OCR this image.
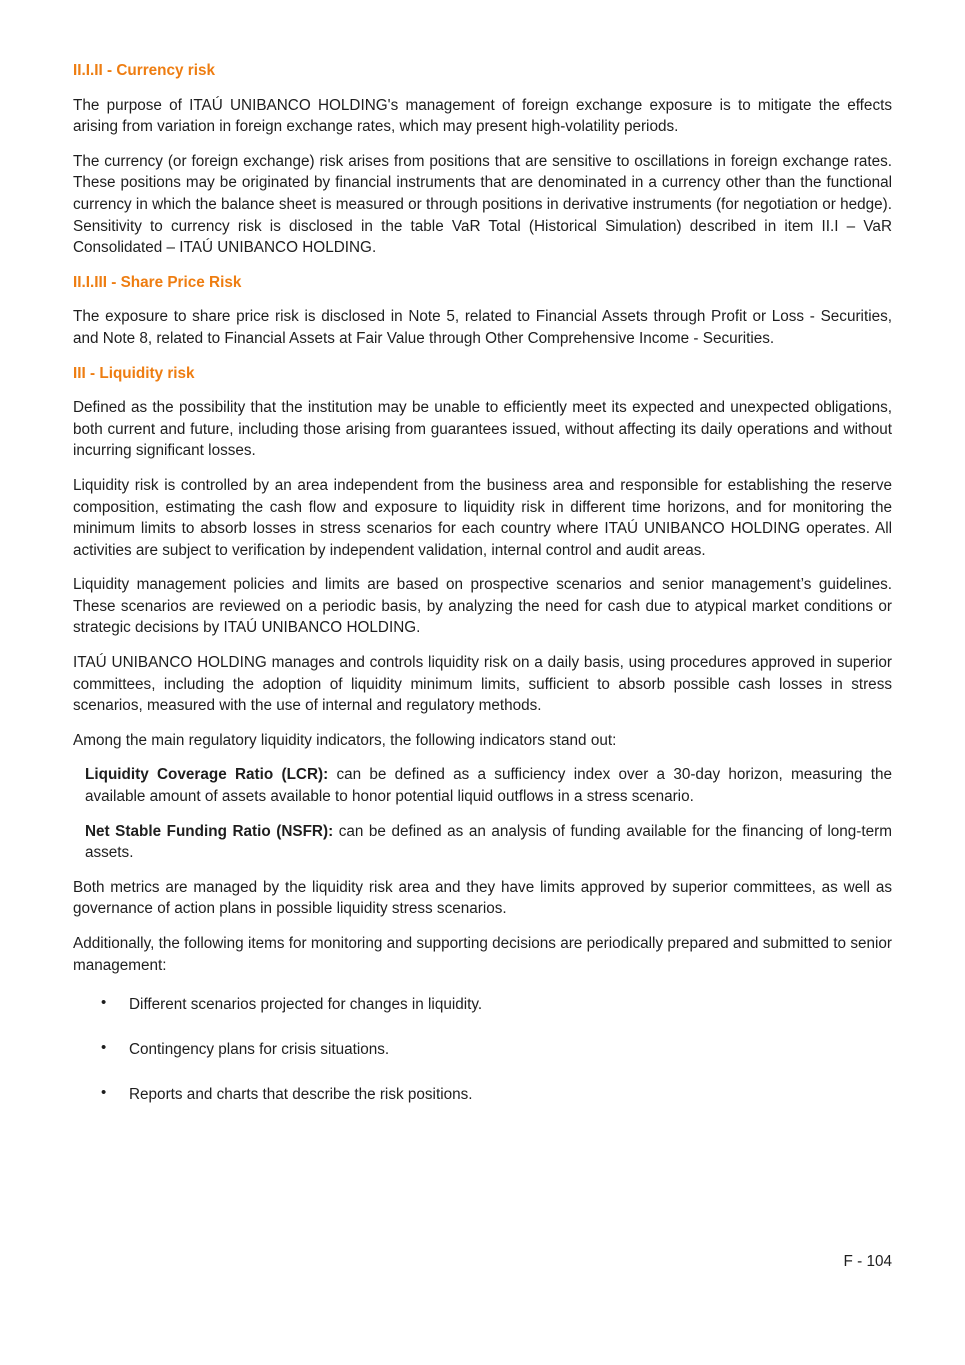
II.I.II - Currency risk

The purpose of ITAÚ UNIBANCO HOLDING's management of foreign exchange exposure is to mitigate the effects arising from variation in foreign exchange rates, which may present high-volatility periods.

The currency (or foreign exchange) risk arises from positions that are sensitive to oscillations in foreign exchange rates. These positions may be originated by financial instruments that are denominated in a currency other than the functional currency in which the balance sheet is measured or through positions in derivative instruments (for negotiation or hedge). Sensitivity to currency risk is disclosed in the table VaR Total (Historical Simulation) described in item II.I – VaR Consolidated – ITAÚ UNIBANCO HOLDING.

II.I.III - Share Price Risk

The exposure to share price risk is disclosed in Note 5, related to Financial Assets through Profit or Loss - Securities, and Note 8, related to Financial Assets at Fair Value through Other Comprehensive Income - Securities.

III - Liquidity risk

Defined as the possibility that the institution may be unable to efficiently meet its expected and unexpected obligations, both current and future, including those arising from guarantees issued, without affecting its daily operations and without incurring significant losses.

Liquidity risk is controlled by an area independent from the business area and responsible for establishing the reserve composition, estimating the cash flow and exposure to liquidity risk in different time horizons, and for monitoring the minimum limits to absorb losses in stress scenarios for each country where ITAÚ UNIBANCO HOLDING operates. All activities are subject to verification by independent validation, internal control and audit areas.

Liquidity management policies and limits are based on prospective scenarios and senior management’s guidelines. These scenarios are reviewed on a periodic basis, by analyzing the need for cash due to atypical market conditions or strategic decisions by ITAÚ UNIBANCO HOLDING.

ITAÚ UNIBANCO HOLDING manages and controls liquidity risk on a daily basis, using procedures approved in superior committees, including the adoption of liquidity minimum limits, sufficient to absorb possible cash losses in stress scenarios, measured with the use of internal and regulatory methods.

Among the main regulatory liquidity indicators, the following indicators stand out:

Liquidity Coverage Ratio (LCR): can be defined as a sufficiency index over a 30-day horizon, measuring the available amount of assets available to honor potential liquid outflows in a stress scenario.

Net Stable Funding Ratio (NSFR): can be defined as an analysis of funding available for the financing of long-term assets.

Both metrics are managed by the liquidity risk area and they have limits approved by superior committees, as well as governance of action plans in possible liquidity stress scenarios.

Additionally, the following items for monitoring and supporting decisions are periodically prepared and submitted to senior management:

• Different scenarios projected for changes in liquidity.
• Contingency plans for crisis situations.
• Reports and charts that describe the risk positions.
F - 104
